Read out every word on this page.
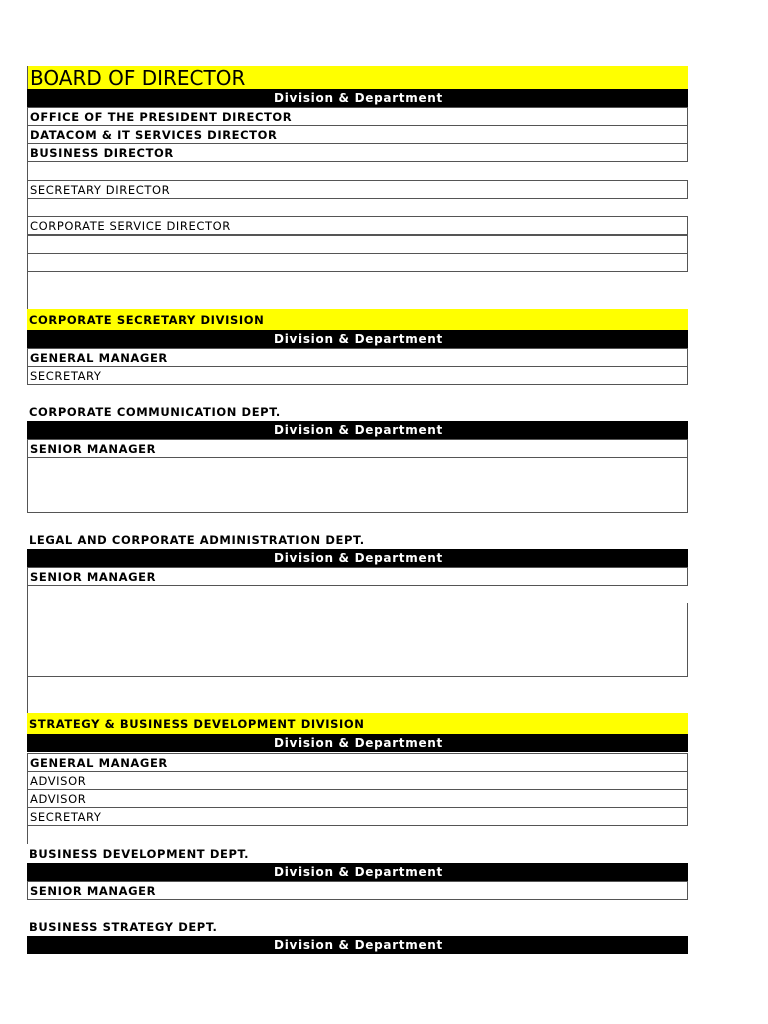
BOARD OF DIRECTOR
Division & Department
OFFICE OF THE PRESIDENT DIRECTOR
DATACOM & IT SERVICES DIRECTOR
BUSINESS DIRECTOR
SECRETARY DIRECTOR
CORPORATE SERVICE DIRECTOR
CORPORATE SECRETARY DIVISION
Division & Department
GENERAL MANAGER
SECRETARY
CORPORATE COMMUNICATION DEPT.
Division & Department
SENIOR MANAGER
LEGAL AND CORPORATE ADMINISTRATION DEPT.
Division & Department
SENIOR MANAGER
STRATEGY & BUSINESS DEVELOPMENT DIVISION
Division & Department
GENERAL MANAGER
ADVISOR
ADVISOR
SECRETARY
BUSINESS DEVELOPMENT DEPT.
Division & Department
SENIOR MANAGER
BUSINESS STRATEGY DEPT.
Division & Department
